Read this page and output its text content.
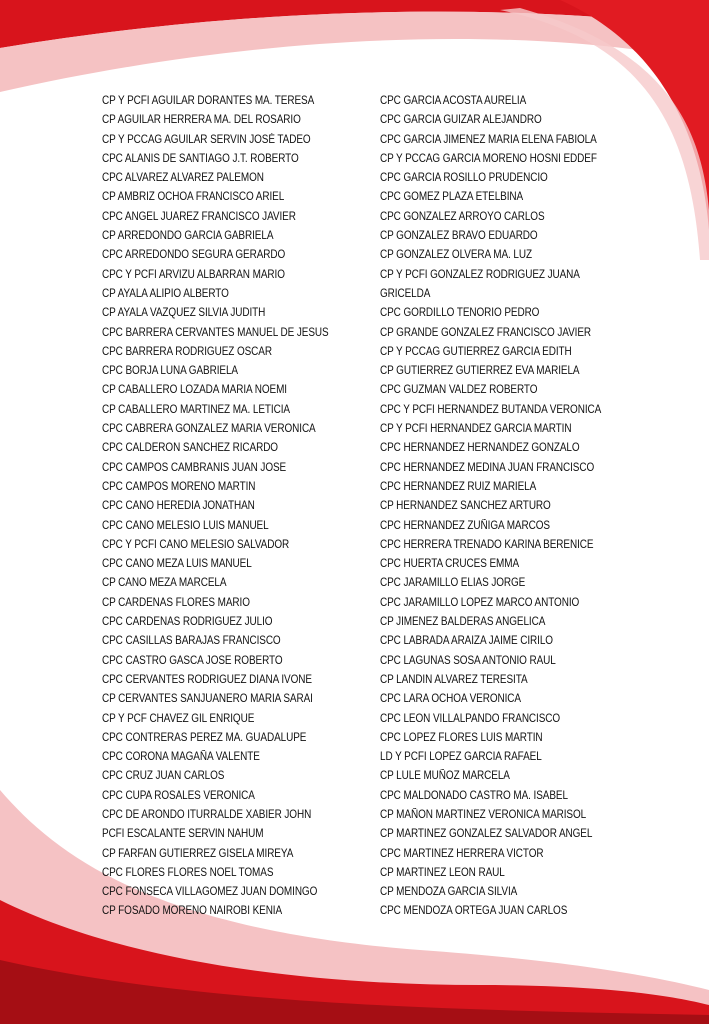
CP Y PCFI AGUILAR DORANTES MA. TERESA
CP AGUILAR HERRERA MA. DEL ROSARIO
CP Y PCCAG AGUILAR SERVIN JOSÉ TADEO
CPC ALANIS DE SANTIAGO J.T. ROBERTO
CPC ALVAREZ ALVAREZ PALEMON
CP AMBRIZ OCHOA FRANCISCO ARIEL
CPC ANGEL JUAREZ FRANCISCO JAVIER
CP ARREDONDO GARCIA GABRIELA
CPC ARREDONDO SEGURA GERARDO
CPC Y PCFI ARVIZU ALBARRAN MARIO
CP AYALA ALIPIO ALBERTO
CP AYALA VAZQUEZ SILVIA JUDITH
CPC BARRERA CERVANTES MANUEL DE JESUS
CPC BARRERA RODRIGUEZ OSCAR
CPC BORJA LUNA GABRIELA
CP CABALLERO LOZADA MARIA NOEMI
CP CABALLERO MARTINEZ MA. LETICIA
CPC CABRERA GONZALEZ MARIA VERONICA
CPC CALDERON SANCHEZ RICARDO
CPC CAMPOS CAMBRANIS JUAN JOSE
CPC CAMPOS MORENO MARTIN
CPC CANO HEREDIA JONATHAN
CPC CANO MELESIO LUIS MANUEL
CPC Y PCFI CANO MELESIO SALVADOR
CPC CANO MEZA LUIS MANUEL
CP CANO MEZA MARCELA
CP CARDENAS FLORES MARIO
CPC CARDENAS RODRIGUEZ JULIO
CPC CASILLAS BARAJAS FRANCISCO
CPC CASTRO GASCA JOSE ROBERTO
CPC CERVANTES RODRIGUEZ DIANA IVONE
CP CERVANTES SANJUANERO MARIA SARAI
CP Y PCF CHAVEZ GIL ENRIQUE
CPC CONTRERAS PEREZ MA. GUADALUPE
CPC CORONA MAGAÑA VALENTE
CPC CRUZ JUAN CARLOS
CPC CUPA ROSALES VERONICA
CPC DE ARONDO ITURRALDE XABIER JOHN
PCFI ESCALANTE SERVIN NAHUM
CP FARFAN GUTIERREZ GISELA MIREYA
CPC FLORES FLORES NOEL TOMAS
CPC FONSECA VILLAGOMEZ JUAN DOMINGO
CP FOSADO MORENO NAIROBI KENIA
CPC GARCIA ACOSTA AURELIA
CPC GARCIA GUIZAR ALEJANDRO
CPC GARCIA JIMENEZ MARIA ELENA FABIOLA
CP Y PCCAG GARCIA MORENO HOSNI EDDEF
CPC GARCIA ROSILLO PRUDENCIO
CPC GOMEZ PLAZA ETELBINA
CPC GONZALEZ ARROYO CARLOS
CP GONZALEZ BRAVO EDUARDO
CP GONZALEZ OLVERA MA. LUZ
CP Y PCFI GONZALEZ RODRIGUEZ JUANA
GRICELDA
CPC GORDILLO TENORIO PEDRO
CP GRANDE GONZALEZ FRANCISCO JAVIER
CP Y PCCAG GUTIERREZ GARCIA EDITH
CP GUTIERREZ GUTIERREZ EVA MARIELA
CPC GUZMAN VALDEZ ROBERTO
CPC Y PCFI HERNANDEZ BUTANDA VERONICA
CP Y PCFI HERNANDEZ GARCIA MARTIN
CPC HERNANDEZ HERNANDEZ GONZALO
CPC HERNANDEZ MEDINA JUAN FRANCISCO
CPC HERNANDEZ RUIZ MARIELA
CP HERNANDEZ SANCHEZ ARTURO
CPC HERNANDEZ ZUÑIGA MARCOS
CPC HERRERA TRENADO KARINA BERENICE
CPC HUERTA CRUCES EMMA
CPC JARAMILLO ELIAS JORGE
CPC JARAMILLO LOPEZ MARCO ANTONIO
CP JIMENEZ BALDERAS ANGELICA
CPC LABRADA ARAIZA JAIME CIRILO
CPC LAGUNAS SOSA ANTONIO RAUL
CP LANDIN ALVAREZ TERESITA
CPC LARA OCHOA VERONICA
CPC LEON VILLALPANDO FRANCISCO
CPC LOPEZ FLORES LUIS MARTIN
LD Y PCFI LOPEZ GARCIA RAFAEL
CP LULE MUÑOZ MARCELA
CPC MALDONADO CASTRO MA. ISABEL
CP MAÑON MARTINEZ VERONICA MARISOL
CP MARTINEZ GONZALEZ SALVADOR ANGEL
CPC MARTINEZ HERRERA VICTOR
CP MARTINEZ LEON RAUL
CP MENDOZA GARCIA SILVIA
CPC MENDOZA ORTEGA JUAN CARLOS
